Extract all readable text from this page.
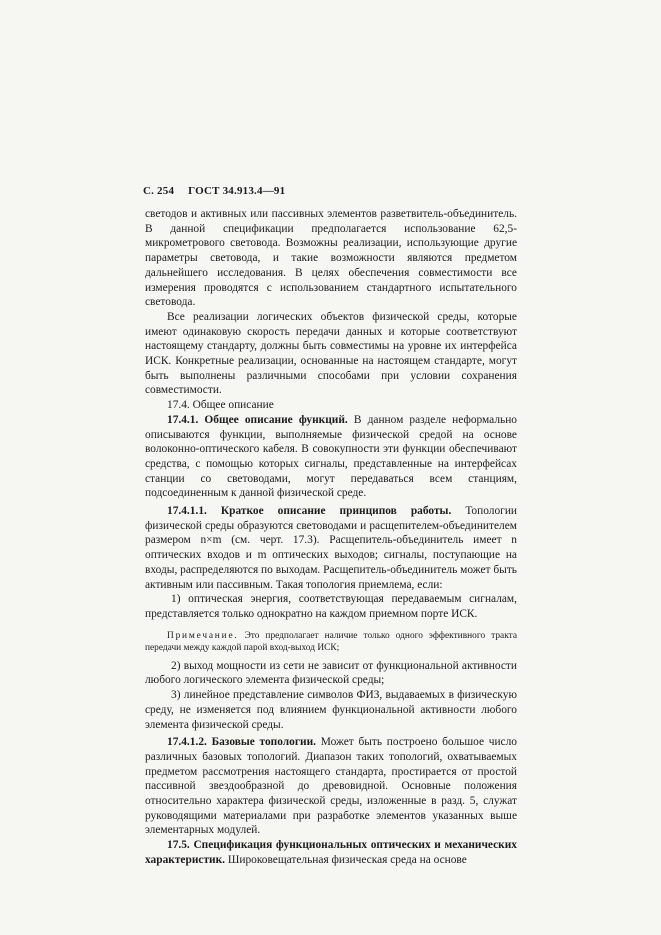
С. 254 ГОСТ 34.913.4—91

светодов и активных или пассивных элементов разветвитель-объединитель. В данной спецификации предполагается использование 62,5-микрометрового световода. Возможны реализации, использующие другие параметры световода, и такие возможности являются предметом дальнейшего исследования. В целях обеспечения совместимости все измерения проводятся с использованием стандартного испытательного световода.

Все реализации логических объектов физической среды, которые имеют одинаковую скорость передачи данных и которые соответствуют настоящему стандарту, должны быть совместимы на уровне их интерфейса ИСК. Конкретные реализации, основанные на настоящем стандарте, могут быть выполнены различными способами при условии сохранения совместимости.

17.4. Общее описание

17.4.1. Общее описание функций. В данном разделе неформально описываются функции, выполняемые физической средой на основе волоконно-оптического кабеля. В совокупности эти функции обеспечивают средства, с помощью которых сигналы, представленные на интерфейсах станции со световодами, могут передаваться всем станциям, подсоединенным к данной физической среде.

17.4.1.1. Краткое описание принципов работы. Топологии физической среды образуются световодами и расщепителем-объединителем размером n×m (см. черт. 17.3). Расщепитель-объединитель имеет n оптических входов и m оптических выходов; сигналы, поступающие на входы, распределяются по выходам. Расщепитель-объединитель может быть активным или пассивным. Такая топология приемлема, если:

1) оптическая энергия, соответствующая передаваемым сигналам, представляется только однократно на каждом приемном порте ИСК.

Примечание. Это предполагает наличие только одного эффективного тракта передачи между каждой парой вход-выход ИСК;

2) выход мощности из сети не зависит от функциональной активности любого логического элемента физической среды;

3) линейное представление символов ФИЗ, выдаваемых в физическую среду, не изменяется под влиянием функциональной активности любого элемента физической среды.

17.4.1.2. Базовые топологии. Может быть построено большое число различных базовых топологий. Диапазон таких топологий, охватываемых предметом рассмотрения настоящего стандарта, простирается от простой пассивной звездообразной до древовидной. Основные положения относительно характера физической среды, изложенные в разд. 5, служат руководящими материалами при разработке элементов указанных выше элементарных модулей.

17.5. Спецификация функциональных оптических и механических характеристик. Широковещательная физическая среда на основе
